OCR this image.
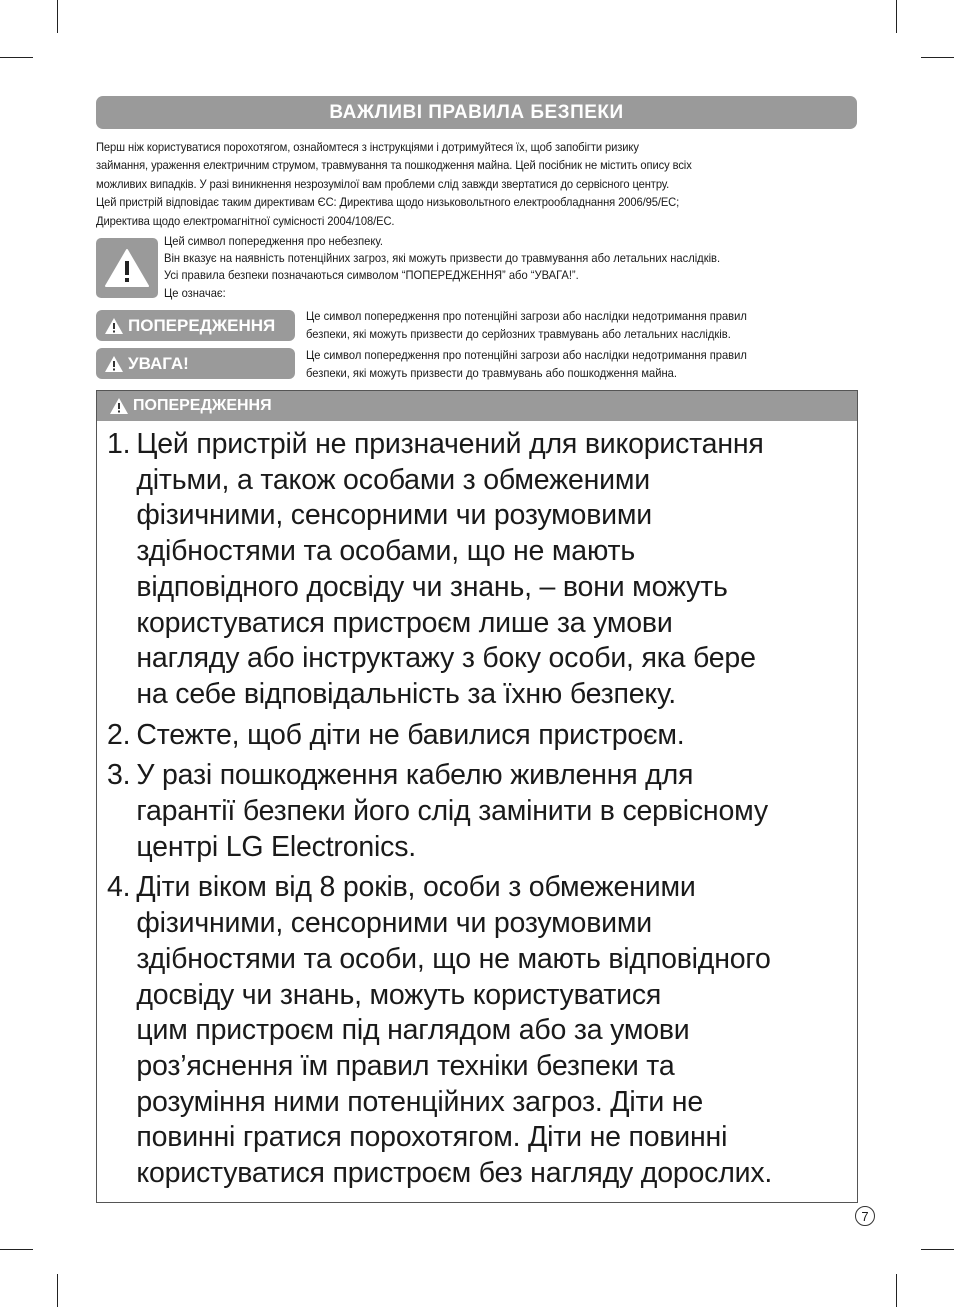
ВАЖЛИВІ ПРАВИЛА БЕЗПЕКИ
Перш ніж користуватися порохотягом, ознайомтеся з інструкціями і дотримуйтеся їх, щоб запобігти ризику
займання, ураження електричним струмом, травмування та пошкодження майна. Цей посібник не містить опису всіх
можливих випадків. У разі виникнення незрозумілої вам проблеми слід завжди звертатися до сервісного центру.
Цей пристрій відповідає таким директивам ЄС: Директива щодо низьковольтного електрообладнання 2006/95/ЕС;
Директива щодо електромагнітної сумісності 2004/108/ЕС.
Цей символ попередження про небезпеку.
Він вказує на наявність потенційних загроз, які можуть призвести до травмування або летальних наслідків.
Усі правила безпеки позначаються символом “ПОПЕРЕДЖЕННЯ” або “УВАГА!”.
Це означає:
ПОПЕРЕДЖЕННЯ	Це символ попередження про потенційні загрози або наслідки недотримання правил
безпеки, які можуть призвести до серйозних травмувань або летальних наслідків.
УВАГА!	Це символ попередження про потенційні загрози або наслідки недотримання правил
безпеки, які можуть призвести до травмувань або пошкодження майна.
ПОПЕРЕДЖЕННЯ
1. Цей пристрій не призначений для використання
дітьми, а також особами з обмеженими
фізичними, сенсорними чи розумовими
здібностями та особами, що не мають
відповідного досвіду чи знань, – вони можуть
користуватися пристроєм лише за умови
нагляду або інструктажу з боку особи, яка бере
на себе відповідальність за їхню безпеку.
2. Стежте, щоб діти не бавилися пристроєм.
3. У разі пошкодження кабелю живлення для
гарантії безпеки його слід замінити в сервісному
центрі LG Electronics.
4. Діти віком від 8 років, особи з обмеженими
фізичними, сенсорними чи розумовими
здібностями та особи, що не мають відповідного
досвіду чи знань, можуть користуватися
цим пристроєм під наглядом або за умови
роз’яснення їм правил техніки безпеки та
розуміння ними потенційних загроз. Діти не
повинні гратися порохотягом. Діти не повинні
користуватися пристроєм без нагляду дорослих.
7
